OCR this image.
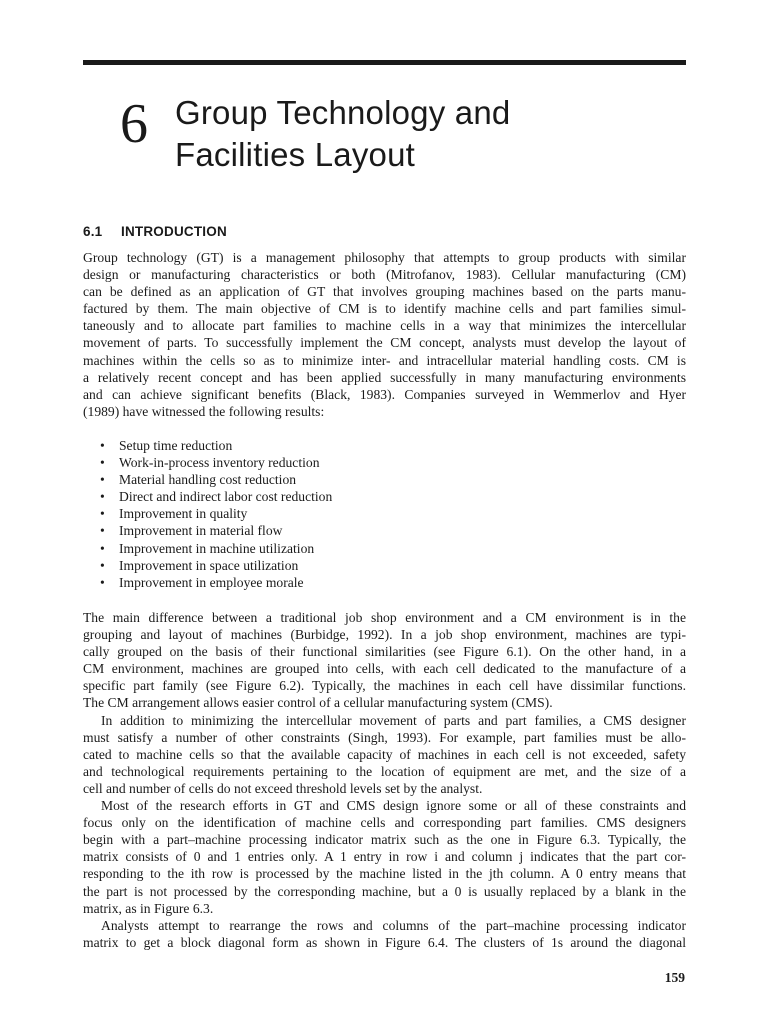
6 Group Technology and
Facilities Layout
6.1 INTRODUCTION
Group technology (GT) is a management philosophy that attempts to group products with similar
design or manufacturing characteristics or both (Mitrofanov, 1983). Cellular manufacturing (CM)
can be defined as an application of GT that involves grouping machines based on the parts manu-
factured by them. The main objective of CM is to identify machine cells and part families simul-
taneously and to allocate part families to machine cells in a way that minimizes the intercellular
movement of parts. To successfully implement the CM concept, analysts must develop the layout of
machines within the cells so as to minimize inter- and intracellular material handling costs. CM is
a relatively recent concept and has been applied successfully in many manufacturing environments
and can achieve significant benefits (Black, 1983). Companies surveyed in Wemmerlov and Hyer
(1989) have witnessed the following results:
• Setup time reduction
• Work-in-process inventory reduction
• Material handling cost reduction
• Direct and indirect labor cost reduction
• Improvement in quality
• Improvement in material flow
• Improvement in machine utilization
• Improvement in space utilization
• Improvement in employee morale
The main difference between a traditional job shop environment and a CM environment is in the
grouping and layout of machines (Burbidge, 1992). In a job shop environment, machines are typi-
cally grouped on the basis of their functional similarities (see Figure 6.1). On the other hand, in a
CM environment, machines are grouped into cells, with each cell dedicated to the manufacture of a
specific part family (see Figure 6.2). Typically, the machines in each cell have dissimilar functions.
The CM arrangement allows easier control of a cellular manufacturing system (CMS).
In addition to minimizing the intercellular movement of parts and part families, a CMS designer
must satisfy a number of other constraints (Singh, 1993). For example, part families must be allo-
cated to machine cells so that the available capacity of machines in each cell is not exceeded, safety
and technological requirements pertaining to the location of equipment are met, and the size of a
cell and number of cells do not exceed threshold levels set by the analyst.
Most of the research efforts in GT and CMS design ignore some or all of these constraints and
focus only on the identification of machine cells and corresponding part families. CMS designers
begin with a part–machine processing indicator matrix such as the one in Figure 6.3. Typically, the
matrix consists of 0 and 1 entries only. A 1 entry in row i and column j indicates that the part cor-
responding to the ith row is processed by the machine listed in the jth column. A 0 entry means that
the part is not processed by the corresponding machine, but a 0 is usually replaced by a blank in the
matrix, as in Figure 6.3.
Analysts attempt to rearrange the rows and columns of the part–machine processing indicator
matrix to get a block diagonal form as shown in Figure 6.4. The clusters of 1s around the diagonal
159
